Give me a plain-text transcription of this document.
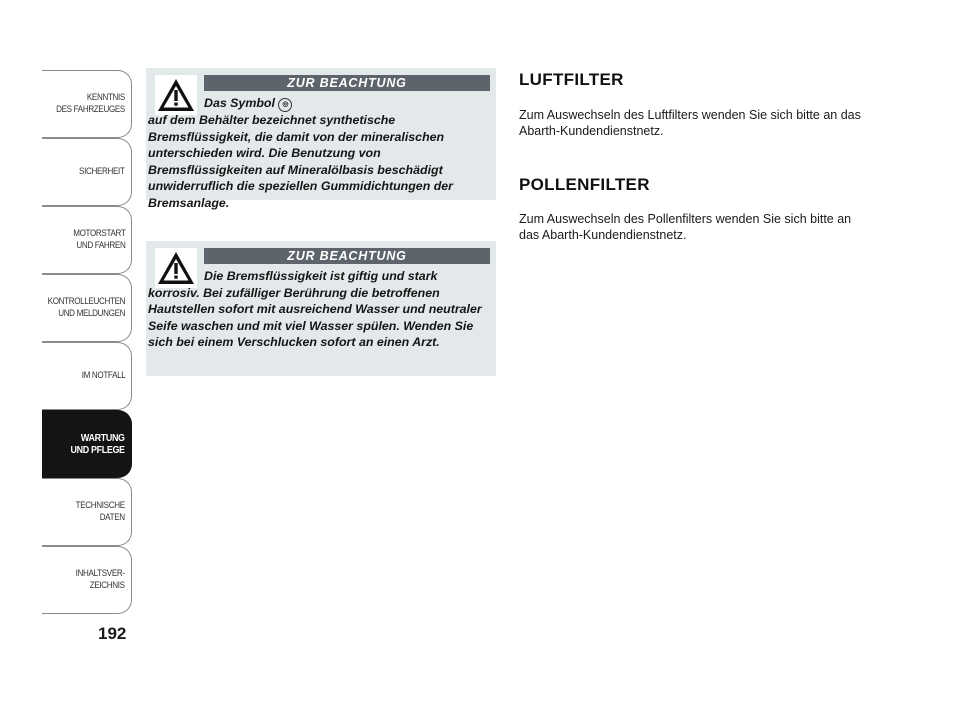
KENNTNIS
DES FAHRZEUGES
SICHERHEIT
MOTORSTART
UND FAHREN
KONTROLLEUCHTEN
UND MELDUNGEN
IM NOTFALL
WARTUNG
UND PFLEGE
TECHNISCHE
DATEN
INHALTSVER-
ZEICHNIS
192
ZUR BEACHTUNG
Das Symbol ◎
auf dem Behälter bezeichnet synthetische Bremsflüssigkeit, die damit von der mineralischen unterschieden wird. Die Benutzung von Bremsflüssigkeiten auf Mineralölbasis beschädigt unwiderruflich die speziellen Gummidichtungen der Bremsanlage.
ZUR BEACHTUNG
Die Bremsflüssigkeit ist giftig und stark korrosiv. Bei zufälliger Berührung die betroffenen Hautstellen sofort mit ausreichend Wasser und neutraler Seife waschen und mit viel Wasser spülen. Wenden Sie sich bei einem Verschlucken sofort an einen Arzt.
LUFTFILTER
Zum Auswechseln des Luftfilters wenden Sie sich bitte an das Abarth-Kundendienstnetz.
POLLENFILTER
Zum Auswechseln des Pollenfilters wenden Sie sich bitte an das Abarth-Kundendienstnetz.
